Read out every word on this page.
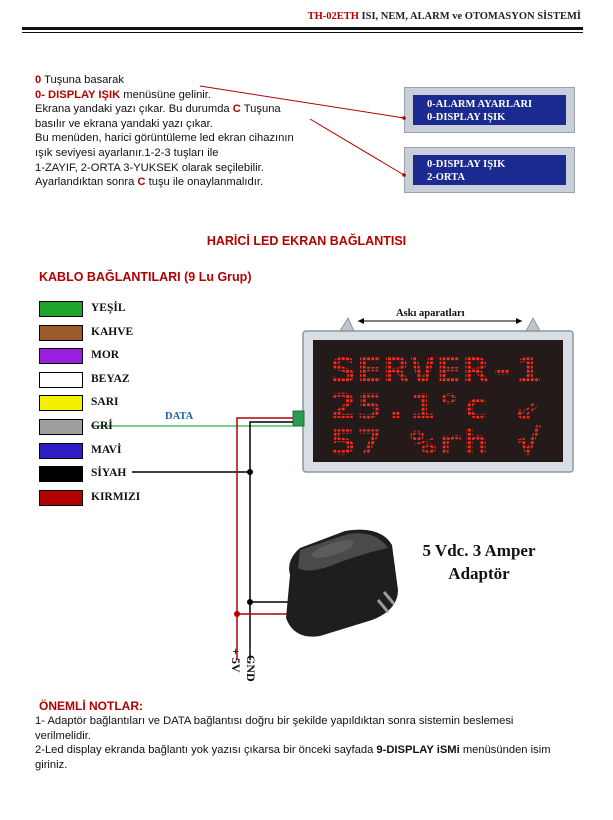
TH-02ETH ISI, NEM, ALARM ve OTOMASYON SİSTEMİ
0 Tuşuna basarak
0- DISPLAY IŞIK menüsüne gelinir.
Ekrana yandaki yazı çıkar. Bu durumda C Tuşuna
basılır ve ekrana yandaki yazı çıkar.
Bu menüden, harici görüntüleme led ekran cihazının
ışık seviyesi ayarlanır.1-2-3 tuşları ile
1-ZAYIF, 2-ORTA 3-YUKSEK olarak seçilebilir.
Ayarlandıktan sonra C tuşu ile onaylanmalıdır.
0-ALARM AYARLARI
0-DISPLAY IŞIK
0-DISPLAY IŞIK
2-ORTA
SERVER-1
25.1°c ⇙
57 %rh √
Askı aparatları
HARİCİ LED EKRAN BAĞLANTISI
KABLO BAĞLANTILARI (9 Lu Grup)
YEŞİL
KAHVE
MOR
BEYAZ
SARI
GRİ
MAVİ
SİYAH
KIRMIZI
DATA
5 Vdc. 3 Amper
Adaptör
+ 5V - GND
ÖNEMLİ NOTLAR:
1- Adaptör bağlantıları ve DATA bağlantısı doğru bir şekilde yapıldıktan sonra sistemin beslemesi verilmelidir.
2-Led display ekranda bağlantı yok yazısı çıkarsa bir önceki sayfada 9-DISPLAY iSMi menüsünden isim giriniz.
